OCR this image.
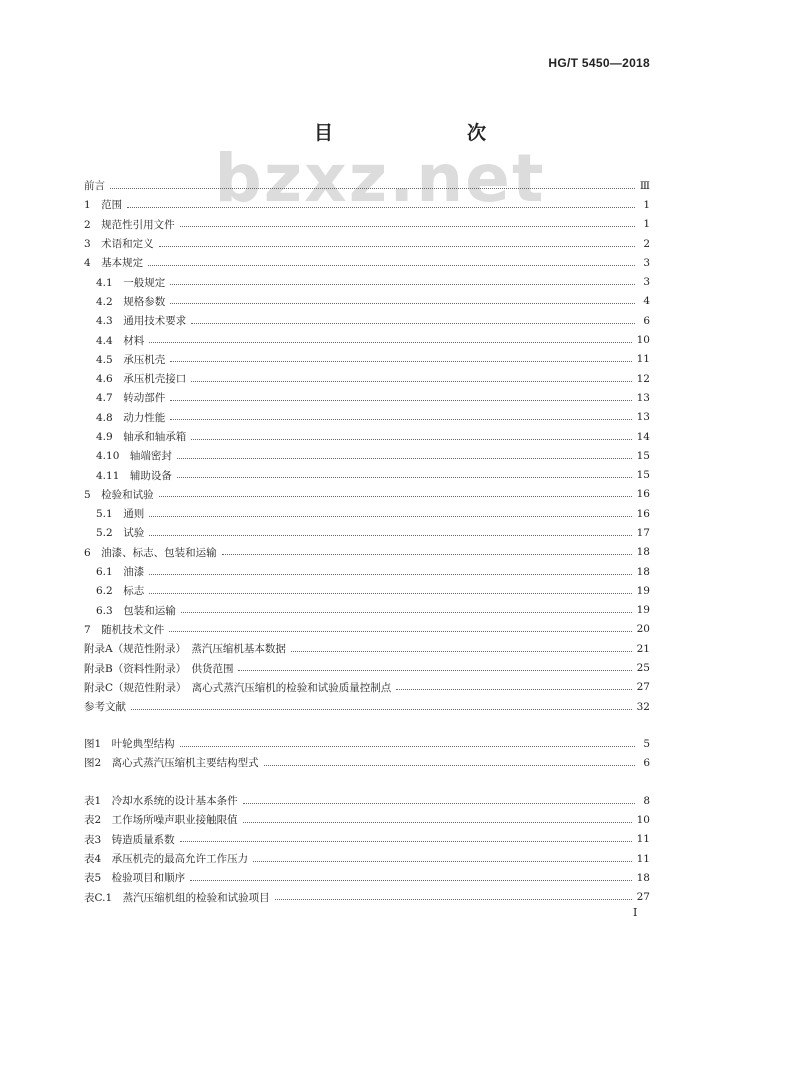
HG/T 5450—2018
bzxz.net
目　　次
前言	Ⅲ
1　范围	1
2　规范性引用文件	1
3　术语和定义	2
4　基本规定	3
4.1　一般规定	3
4.2　规格参数	4
4.3　通用技术要求	6
4.4　材料	10
4.5　承压机壳	11
4.6　承压机壳接口	12
4.7　转动部件	13
4.8　动力性能	13
4.9　轴承和轴承箱	14
4.10　轴端密封	15
4.11　辅助设备	15
5　检验和试验	16
5.1　通则	16
5.2　试验	17
6　油漆、标志、包装和运输	18
6.1　油漆	18
6.2　标志	19
6.3　包装和运输	19
7　随机技术文件	20
附录A（规范性附录）　蒸汽压缩机基本数据	21
附录B（资料性附录）　供货范围	25
附录C（规范性附录）　离心式蒸汽压缩机的检验和试验质量控制点	27
参考文献	32
图1　叶轮典型结构	5
图2　离心式蒸汽压缩机主要结构型式	6
表1　冷却水系统的设计基本条件	8
表2　工作场所噪声职业接触限值	10
表3　铸造质量系数	11
表4　承压机壳的最高允许工作压力	11
表5　检验项目和顺序	18
表C.1　蒸汽压缩机组的检验和试验项目	27
I
